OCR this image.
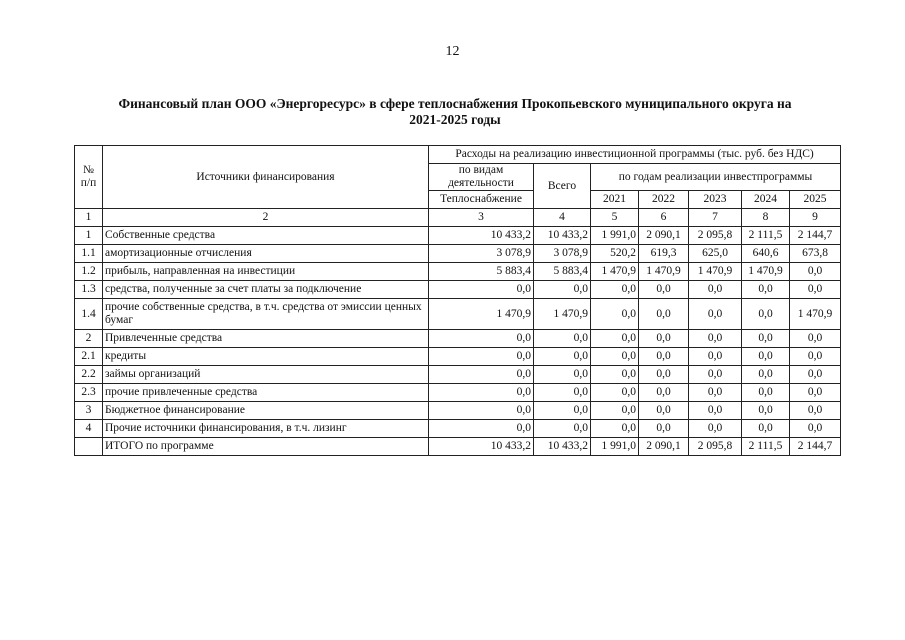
12
Финансовый план ООО «Энергоресурс» в сфере теплоснабжения Прокопьевского муниципального округа на
2021-2025 годы
№ п/п	Источники финансирования	Расходы на реализацию инвестиционной программы (тыс. руб. без НДС)						
		по видам деятельности	Всего	по годам реализации инвестпрограммы				
		Теплоснабжение		2021	2022	2023	2024	2025
1	2	3	4	5	6	7	8	9
1	Собственные средства	10 433,2	10 433,2	1 991,0	2 090,1	2 095,8	2 111,5	2 144,7
1.1	амортизационные отчисления	3 078,9	3 078,9	520,2	619,3	625,0	640,6	673,8
1.2	прибыль, направленная на инвестиции	5 883,4	5 883,4	1 470,9	1 470,9	1 470,9	1 470,9	0,0
1.3	средства, полученные за счет платы за подключение	0,0	0,0	0,0	0,0	0,0	0,0	0,0
1.4	прочие собственные средства, в т.ч. средства от эмиссии ценных бумаг	1 470,9	1 470,9	0,0	0,0	0,0	0,0	1 470,9
2	Привлеченные средства	0,0	0,0	0,0	0,0	0,0	0,0	0,0
2.1	кредиты	0,0	0,0	0,0	0,0	0,0	0,0	0,0
2.2	займы организаций	0,0	0,0	0,0	0,0	0,0	0,0	0,0
2.3	прочие привлеченные средства	0,0	0,0	0,0	0,0	0,0	0,0	0,0
3	Бюджетное финансирование	0,0	0,0	0,0	0,0	0,0	0,0	0,0
4	Прочие источники финансирования, в т.ч. лизинг	0,0	0,0	0,0	0,0	0,0	0,0	0,0
	ИТОГО по программе	10 433,2	10 433,2	1 991,0	2 090,1	2 095,8	2 111,5	2 144,7
